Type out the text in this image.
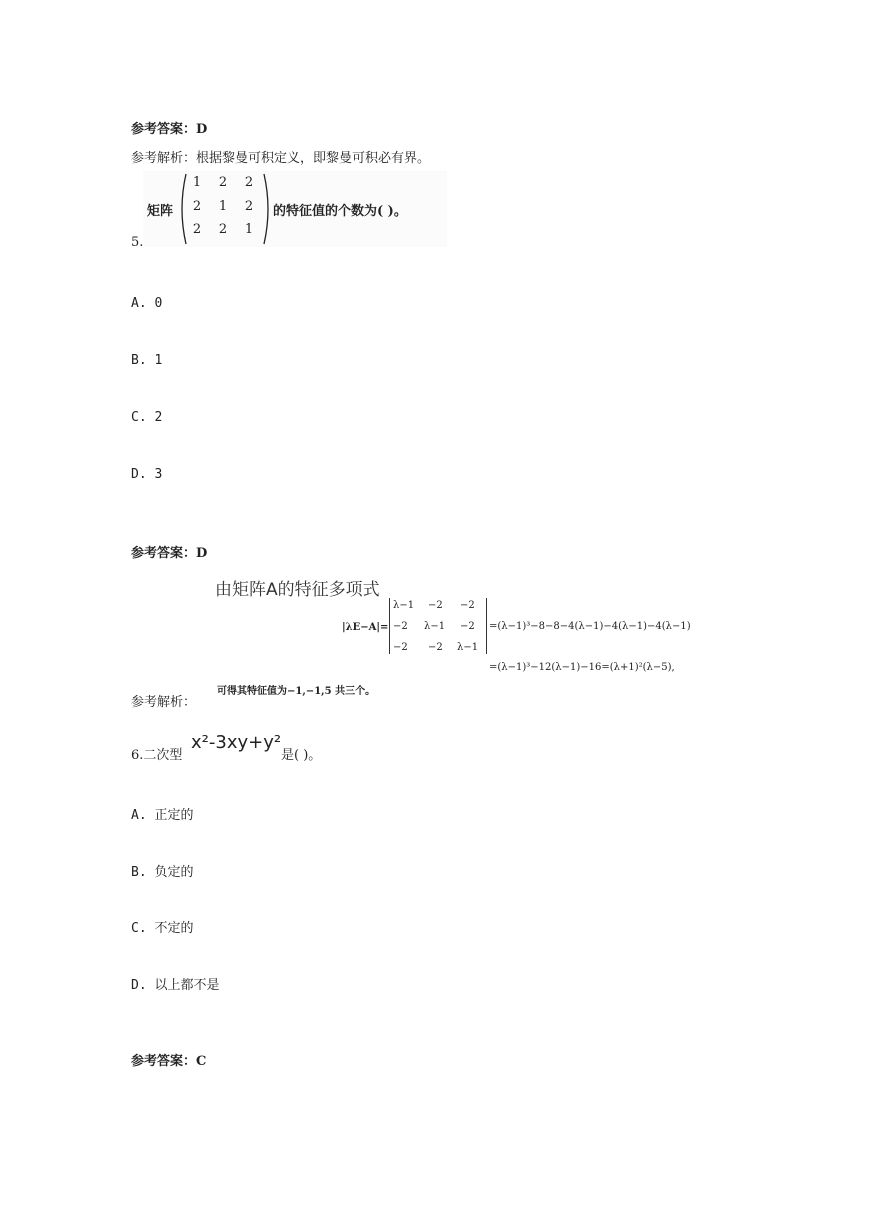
参考答案：D
参考解析：根据黎曼可积定义，即黎曼可积必有界。
5.
矩阵
1	2	2
2	1	2
2	2	1
的特征值的个数为( )。
A. 0
B. 1
C. 2
D. 3
参考答案：D
由矩阵A的特征多项式
|λE−A|=
λ−1 −2 −2
−2 λ−1 −2
−2 −2 λ−1
=(λ−1)³−8−8−4(λ−1)−4(λ−1)−4(λ−1)
=(λ−1)³−12(λ−1)−16=(λ+1)²(λ−5),
可得其特征值为−1,−1,5 共三个。
参考解析：
6.二次型
x²-3xy+y²
是( )。
A. 正定的
B. 负定的
C. 不定的
D. 以上都不是
参考答案：C
